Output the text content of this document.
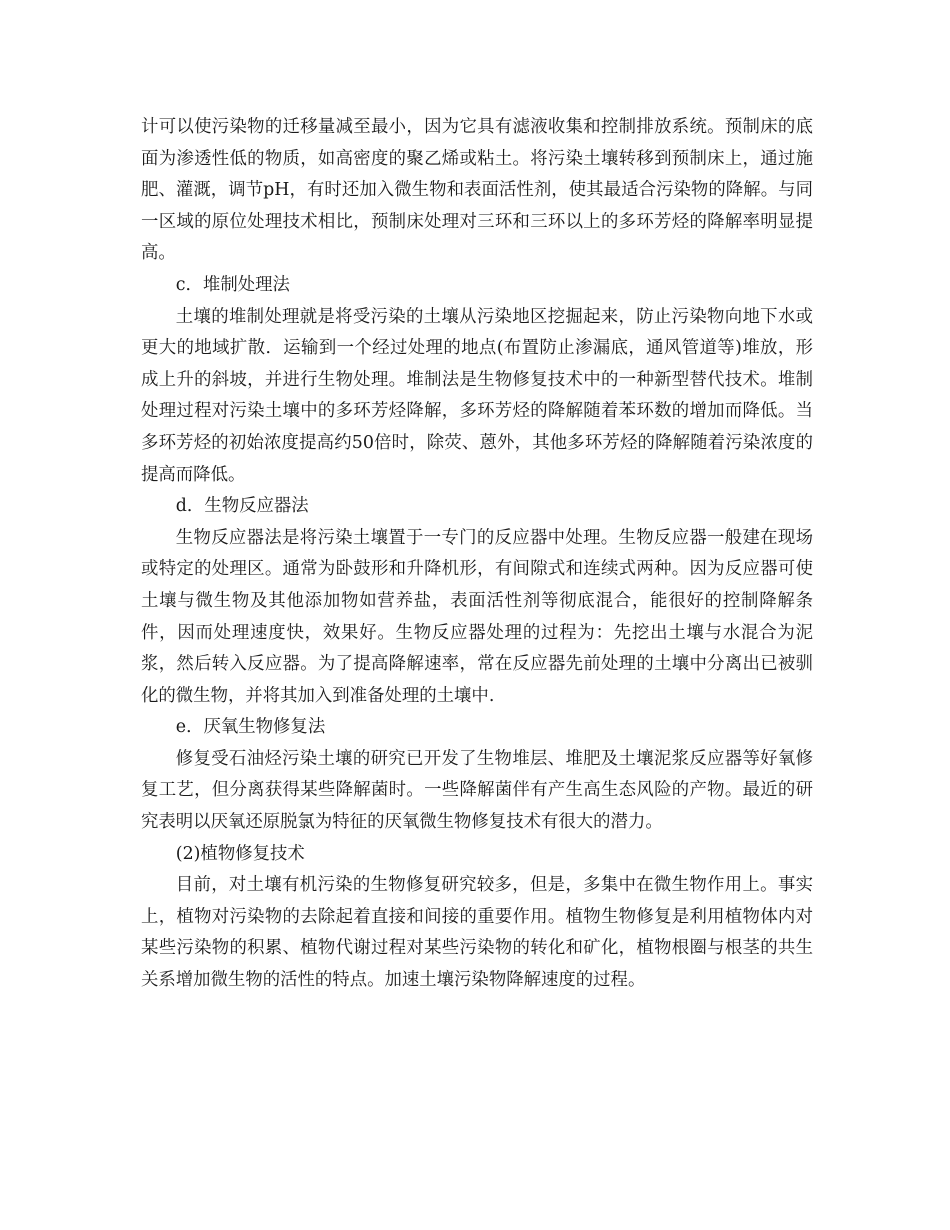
计可以使污染物的迁移量减至最小，因为它具有滤液收集和控制排放系统。预制床的底面为渗透性低的物质，如高密度的聚乙烯或粘土。将污染土壤转移到预制床上，通过施肥、灌溉，调节pH，有时还加入微生物和表面活性剂，使其最适合污染物的降解。与同一区域的原位处理技术相比，预制床处理对三环和三环以上的多环芳烃的降解率明显提高。

c．堆制处理法

土壤的堆制处理就是将受污染的土壤从污染地区挖掘起来，防止污染物向地下水或更大的地域扩散．运输到一个经过处理的地点(布置防止渗漏底，通风管道等)堆放，形成上升的斜坡，并进行生物处理。堆制法是生物修复技术中的一种新型替代技术。堆制处理过程对污染土壤中的多环芳烃降解，多环芳烃的降解随着苯环数的增加而降低。当多环芳烃的初始浓度提高约50倍时，除荧、蒽外，其他多环芳烃的降解随着污染浓度的提高而降低。

d．生物反应器法

生物反应器法是将污染土壤置于一专门的反应器中处理。生物反应器一般建在现场或特定的处理区。通常为卧鼓形和升降机形，有间隙式和连续式两种。因为反应器可使土壤与微生物及其他添加物如营养盐，表面活性剂等彻底混合，能很好的控制降解条件，因而处理速度快，效果好。生物反应器处理的过程为：先挖出土壤与水混合为泥浆，然后转入反应器。为了提高降解速率，常在反应器先前处理的土壤中分离出已被驯化的微生物，并将其加入到准备处理的土壤中.

e．厌氧生物修复法

修复受石油烃污染土壤的研究已开发了生物堆层、堆肥及土壤泥浆反应器等好氧修复工艺，但分离获得某些降解菌时。一些降解菌伴有产生高生态风险的产物。最近的研究表明以厌氧还原脱氯为特征的厌氧微生物修复技术有很大的潜力。

(2)植物修复技术

目前，对土壤有机污染的生物修复研究较多，但是，多集中在微生物作用上。事实上，植物对污染物的去除起着直接和间接的重要作用。植物生物修复是利用植物体内对某些污染物的积累、植物代谢过程对某些污染物的转化和矿化，植物根圈与根茎的共生关系增加微生物的活性的特点。加速土壤污染物降解速度的过程。
